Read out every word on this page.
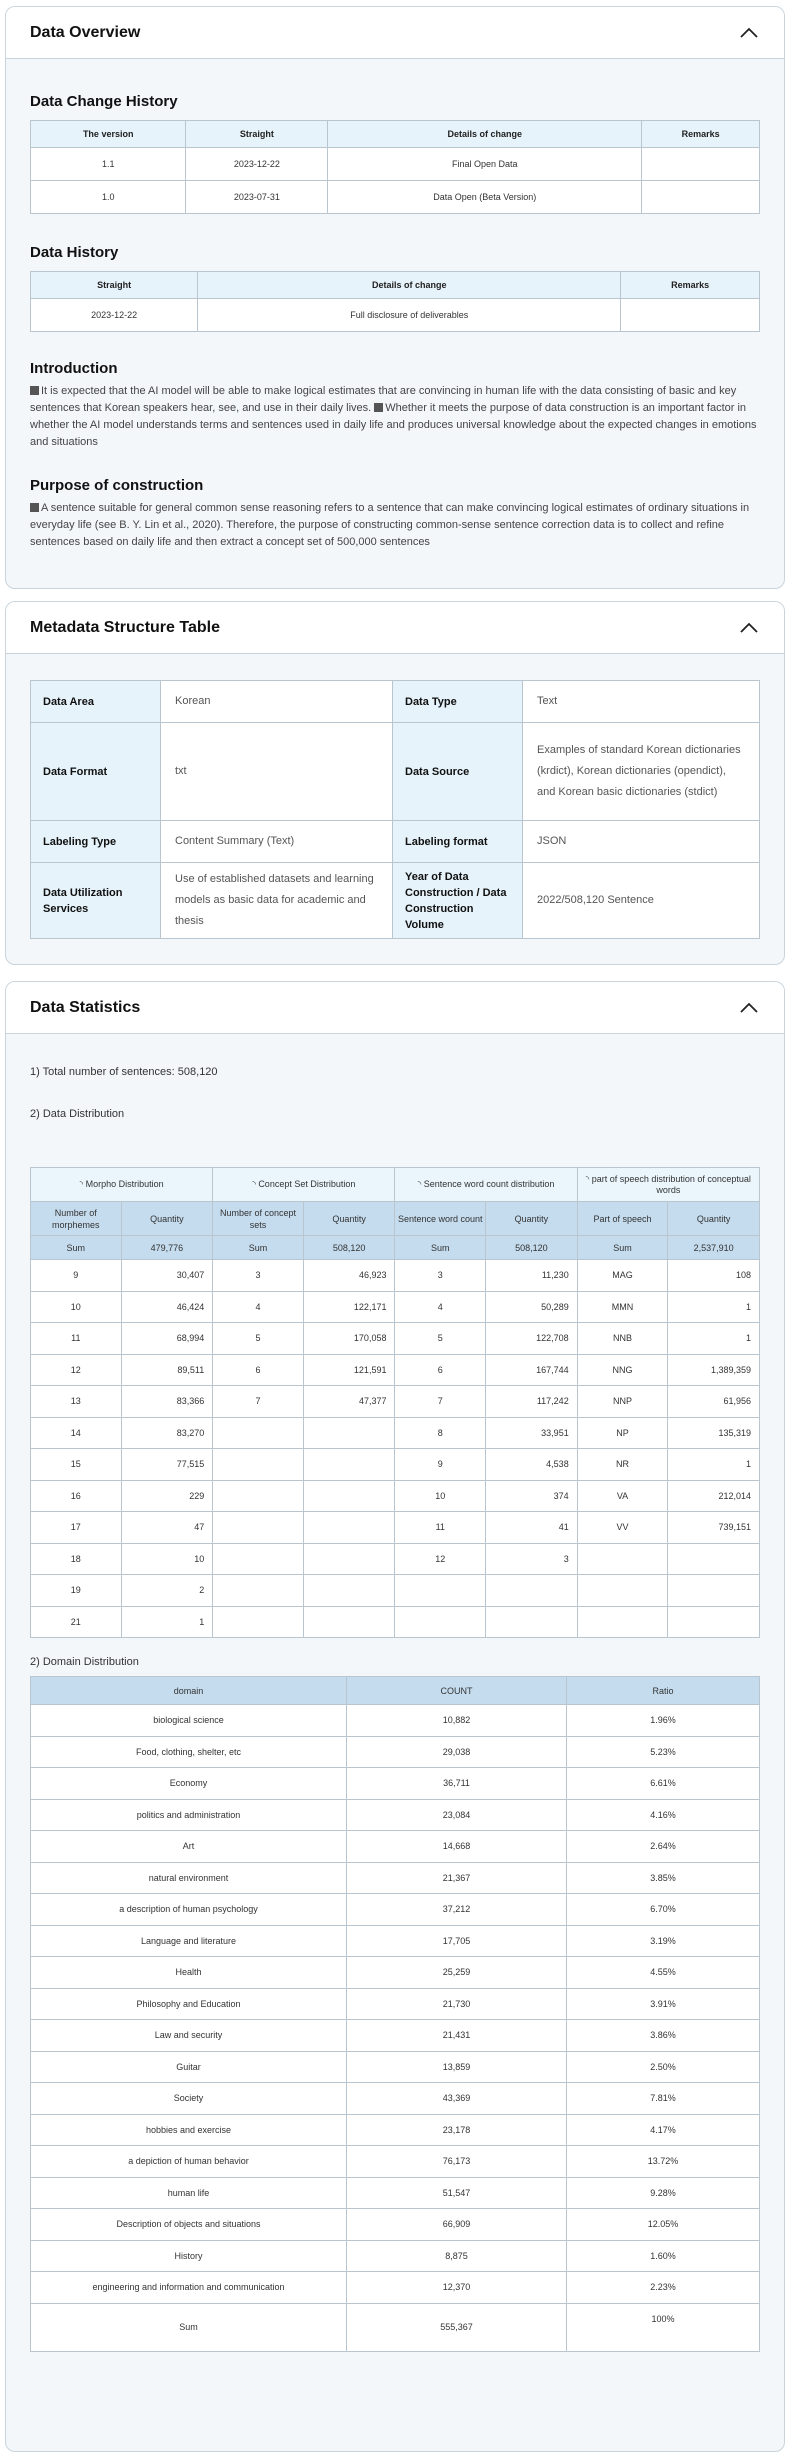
Data Overview
Data Change History
The version	Straight	Details of change	Remarks
1.1	2023-12-22	Final Open Data	
1.0	2023-07-31	Data Open (Beta Version)	
Data History
Straight	Details of change	Remarks
2023-12-22	Full disclosure of deliverables	
Introduction

It is expected that the AI model will be able to make logical estimates that are convincing in human life with the data consisting of basic and key sentences that Korean speakers hear, see, and use in their daily lives. Whether it meets the purpose of data construction is an important factor in whether the AI model understands terms and sentences used in daily life and produces universal knowledge about the expected changes in emotions and situations

Purpose of construction

A sentence suitable for general common sense reasoning refers to a sentence that can make convincing logical estimates of ordinary situations in everyday life (see B. Y. Lin et al., 2020). Therefore, the purpose of constructing common-sense sentence correction data is to collect and refine sentences based on daily life and then extract a concept set of 500,000 sentences

Metadata Structure Table
Data Area	Korean	Data Type	Text
Data Format	txt	Data Source	Examples of standard Korean dictionaries (krdict), Korean dictionaries (opendict), and Korean basic dictionaries (stdict)
Labeling Type	Content Summary (Text)	Labeling format	JSON
Data Utilization Services	Use of established datasets and learning models as basic data for academic and thesis	Year of Data Construction / Data Construction Volume	2022/508,120 Sentence
Data Statistics

1) Total number of sentences: 508,120

2) Data Distribution

◝ Morpho Distribution		◝ Concept Set Distribution		◝ Sentence word count distribution		◝ part of speech distribution of conceptual words	
Number of morphemes	Quantity	Number of concept sets	Quantity	Sentence word count	Quantity	Part of speech	Quantity
Sum	479,776	Sum	508,120	Sum	508,120	Sum	2,537,910
9	30,407	3	46,923	3	11,230	MAG	108
10	46,424	4	122,171	4	50,289	MMN	1
11	68,994	5	170,058	5	122,708	NNB	1
12	89,511	6	121,591	6	167,744	NNG	1,389,359
13	83,366	7	47,377	7	117,242	NNP	61,956
14	83,270			8	33,951	NP	135,319
15	77,515			9	4,538	NR	1
16	229			10	374	VA	212,014
17	47			11	41	VV	739,151
18	10			12	3		
19	2						
21	1						

2) Domain Distribution

domain	COUNT	Ratio
biological science	10,882	1.96%
Food, clothing, shelter, etc	29,038	5.23%
Economy	36,711	6.61%
politics and administration	23,084	4.16%
Art	14,668	2.64%
natural environment	21,367	3.85%
a description of human psychology	37,212	6.70%
Language and literature	17,705	3.19%
Health	25,259	4.55%
Philosophy and Education	21,730	3.91%
Law and security	21,431	3.86%
Guitar	13,859	2.50%
Society	43,369	7.81%
hobbies and exercise	23,178	4.17%
a depiction of human behavior	76,173	13.72%
human life	51,547	9.28%
Description of objects and situations	66,909	12.05%
History	8,875	1.60%
engineering and information and communication	12,370	2.23%
Sum	555,367	100%
